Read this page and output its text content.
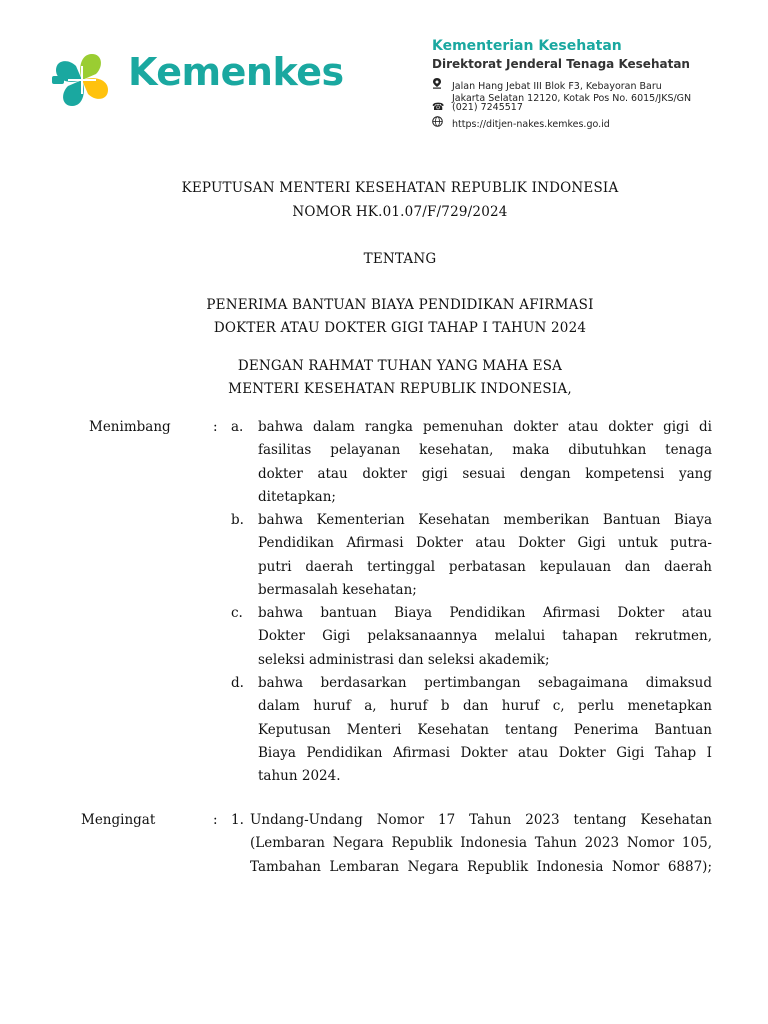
Kemenkes
Kementerian Kesehatan
Direktorat Jenderal Tenaga Kesehatan
Jalan Hang Jebat III Blok F3, Kebayoran Baru
Jakarta Selatan 12120, Kotak Pos No. 6015/JKS/GN
☎ (021) 7245517
https://ditjen-nakes.kemkes.go.id
KEPUTUSAN MENTERI KESEHATAN REPUBLIK INDONESIA
NOMOR HK.01.07/F/729/2024
TENTANG
PENERIMA BANTUAN BIAYA PENDIDIKAN AFIRMASI
DOKTER ATAU DOKTER GIGI TAHAP I TAHUN 2024
DENGAN RAHMAT TUHAN YANG MAHA ESA
MENTERI KESEHATAN REPUBLIK INDONESIA,
Menimbang	: a. bahwa dalam rangka pemenuhan dokter atau dokter gigi di
fasilitas pelayanan kesehatan, maka dibutuhkan tenaga
dokter atau dokter gigi sesuai dengan kompetensi yang
ditetapkan;
b. bahwa Kementerian Kesehatan memberikan Bantuan Biaya
Pendidikan Afirmasi Dokter atau Dokter Gigi untuk putra-
putri daerah tertinggal perbatasan kepulauan dan daerah
bermasalah kesehatan;
c. bahwa bantuan Biaya Pendidikan Afirmasi Dokter atau
Dokter Gigi pelaksanaannya melalui tahapan rekrutmen,
seleksi administrasi dan seleksi akademik;
d. bahwa berdasarkan pertimbangan sebagaimana dimaksud
dalam huruf a, huruf b dan huruf c, perlu menetapkan
Keputusan Menteri Kesehatan tentang Penerima Bantuan
Biaya Pendidikan Afirmasi Dokter atau Dokter Gigi Tahap I
tahun 2024.
Mengingat	: 1. Undang-Undang Nomor 17 Tahun 2023 tentang Kesehatan
(Lembaran Negara Republik Indonesia Tahun 2023 Nomor 105,
Tambahan Lembaran Negara Republik Indonesia Nomor 6887);
